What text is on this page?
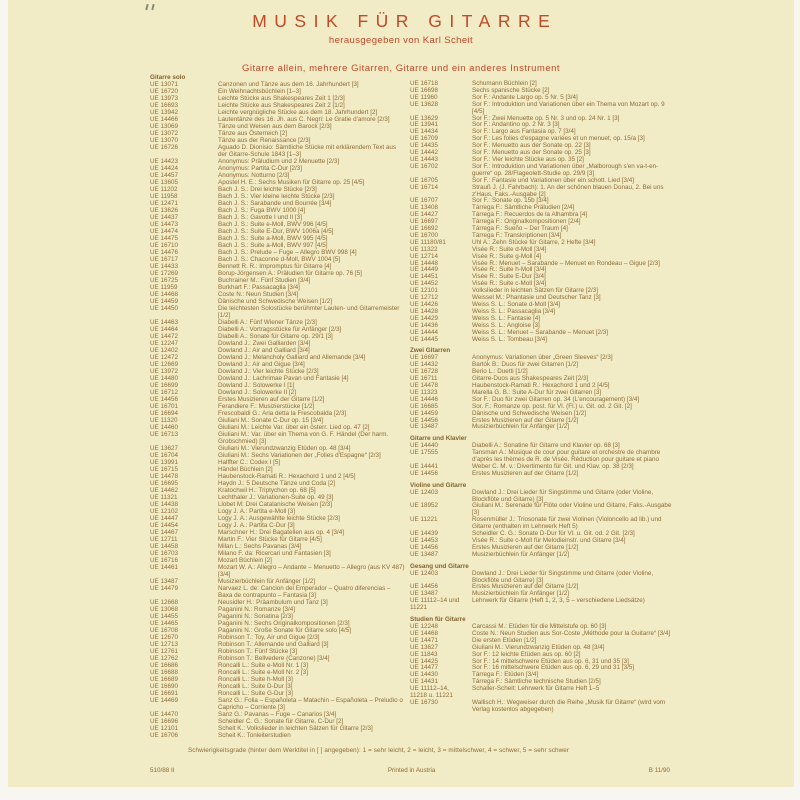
MUSIK FÜR GITARRE
herausgegeben von Karl Scheit
Gitarre allein, mehrere Gitarren, Gitarre und ein anderes Instrument
Gitarre solo
UE 13071	Canzonen und Tänze aus dem 16. Jahrhundert [3]
UE 16720	Ein Weihnachtsbüchlein [1–3]
UE 13973	Leichte Stücke aus Shakespeares Zeit 1 [2/3]
UE 16693	Leichte Stücke aus Shakespeares Zeit 2 [1/2]
UE 13942	Leichte vergnügliche Stücke aus dem 18. Jahrhundert [2]
UE 14466	Lautentänze des 16. Jh. aus C. Negri: Le Gratie d'amore [2/3]
UE 13069	Tänze und Weisen aus dem Barock [2/3]
UE 13072	Tänze aus Österreich [2]
UE 13070	Tänze aus der Renaissance [2/3]
UE 16726	Aguado D. Dionisio: Sämtliche Stücke mit erklärendem Text aus der Gitarre-Schule 1843 [1–3]
UE 14423	Anonymus: Präludium und 2 Menuette [2/3]
UE 14424	Anonymus: Partita C-Dur [2/3]
UE 14457	Anonymus: Notturno [2/3]
UE 13605	Apostel H. E.: Sechs Musiken für Gitarre op. 25 [4/5]
UE 11202	Bach J. S.: Drei leichte Stücke [2/3]
UE 11958	Bach J. S.: Vier kleine leichte Stücke [2/3]
UE 12471	Bach J. S.: Sarabande und Bourrée [3/4]
UE 13626	Bach J. S.: Fuga BWV 1000 [4]
UE 14437	Bach J. S.: Gavotte I und II [3]
UE 14473	Bach J. S.: Suite e-Moll, BWV 996 [4/5]
UE 14474	Bach J. S.: Suite E-Dur, BWV 1006a [4/5]
UE 14475	Bach J. S.: Suite a-Moll, BWV 995 [4/5]
UE 16710	Bach J. S.: Suite a-Moll, BWV 997 [4/5]
UE 14476	Bach J. S.: Prelude – Fuge – Allegro BWV 998 [4]
UE 16717	Bach J. S.: Chaconne d-Moll, BWV 1004 [5]
UE 14433	Bennett R. R.: Impromptus für Gitarre [4]
UE 17269	Borup-Jörgensen A.: Präludien für Gitarre op. 76 [5]
UE 16725	Buchrainer M.: Fünf Studien [3/4]
UE 11959	Burkhart F.: Passacaglia [3/4]
UE 14468	Coste N.: Neun Studien [3/4]
UE 14459	Dänische und Schwedische Weisen [1/2]
UE 14450	Die leichtesten Solostücke berühmter Lauten- und Gitarremeister [1/2]
UE 14463	Diabelli A.: Fünf Wiener Tänze [2/3]
UE 14464	Diabelli A.: Vortragsstücke für Anfänger [2/3]
UE 14472	Diabelli A.: Sonate für Gitarre op. 29/1 [3]
UE 12247	Dowland J.: Zwei Galliarden [3/4]
UE 12402	Dowland J.: Air and Galliard [3/4]
UE 12472	Dowland J.: Melancholy Galliard and Allemande [3/4]
UE 12669	Dowland J.: Air and Gigue [3/4]
UE 13972	Dowland J.: Vier leichte Stücke [2/3]
UE 14480	Dowland J.: Lachrimae Pavan und Fantasie [4]
UE 16699	Dowland J.: Solowerke I [1]
UE 16712	Dowland J.: Solowerke II [2]
UE 14456	Erstes Musizieren auf der Gitarre [1/2]
UE 16701	Ferandiere F.: Musizierstücke [1/2]
UE 16694	Frescobaldi G.: Aria detta la Frescobalda [2/3]
UE 11320	Giuliani M.: Sonate C-Dur op. 15 [3/4]
UE 14460	Giuliani M.: Leichte Var. über ein österr. Lied op. 47 [2]
UE 16713	Giuliani M.: Var. über ein Thema von G. F. Händel (Der harm. Grobschmied) [3]
UE 13627	Giuliani M.: Vierundzwanzig Etüden op. 48 [3/4]
UE 16704	Giuliani M.: Sechs Variationen der „Folies d'Espagne“ [2/3]
UE 13991	Halffter C.: Codex I [5]
UE 16715	Händel Büchlein [2]
UE 14478	Haubenstock-Ramati R.: Hexachord 1 und 2 [4/5]
UE 16695	Haydn J.: 5 Deutsche Tänze und Coda [2]
UE 14462	Kratochwil H.: Triptychon op. 68 [5]
UE 11321	Lechthaler J.: Variationen-Suite op. 49 [3]
UE 14438	Llobet M: Drei Catalanische Weisen [2/3]
UE 12102	Logy J. A.: Partita e-Moll [3]
UE 14447	Logy J. A.: Ausgewählte leichte Stücke [2/3]
UE 14454	Logy J. A.: Partita C-Dur [3]
UE 14467	Marschner H.: Drei Bagatellen aus op. 4 [3/4]
UE 12711	Martin F.: Vier Stücke für Gitarre [4/5]
UE 14458	Milan L.: Sechs Pavanas [3/4]
UE 16703	Milano F. da: Ricercari und Fantasien [3]
UE 16716	Mozart Büchlein [2]
UE 14461	Mozart W. A.: Allegro – Andante – Menuetto – Allegro (aus KV 487) [3/4]
UE 13487	Musizierbüchlein für Anfänger [1/2]
UE 14479	Narvaez L. de: Cancion del Emperador – Quatro diferencias – Baxa de contrapunto – Fantasia [3]
UE 12668	Neusidler H.: Präambulum und Tanz [3]
UE 13068	Paganini N.: Romanze [3/4]
UE 14455	Paganini N.: Sonatina [2/3]
UE 14465	Paganini N.: Sechs Originalkompositionen [2/3]
UE 16708	Paganini N.: Große Sonate für Gitarre solo [4/5]
UE 12670	Robinson T.: Toy, Air und Gigue [2/3]
UE 12713	Robinson T.: Allemande und Galliard [3]
UE 12761	Robinson T.: Fünf Stücke [3]
UE 12762	Robinson T.: Bellvedere (Canzone) [3/4]
UE 16686	Roncalli L.: Suite e-Moll Nr. 1 [3]
UE 16688	Roncalli L.: Suite e-Moll Nr. 2 [3]
UE 16689	Roncalli L.: Suite h-Moll [3]
UE 16690	Roncalli L.: Suite D-Dur [3]
UE 16691	Roncalli L.: Suite G-Dur [3]
UE 14469	Sanz G.: Folia – Españoleta – Matachin – Españoleta – Preludio o Capricho – Corriente [3]
UE 14470	Sanz G.: Pavanas – Fuge – Canarios [3/4]
UE 16696	Scheidler C. G.: Sonate für Gitarre, C-Dur [2]
UE 12101	Scheit K.: Volkslieder in leichten Sätzen für Gitarre [2/3]
UE 16706	Scheit K.: Tonleiterstudien
UE 16718	Schumann Büchlein [2]
UE 16698	Sechs spanische Stücke [2]
UE 11960	Sor F.: Andante Largo op. 5 Nr. 5 [3/4]
UE 13628	Sor F.: Introduktion und Variationen über ein Thema von Mozart op. 9 [4/5]
UE 13629	Sor F.: Zwei Menuette op. 5 Nr. 3 und op. 24 Nr. 1 [3]
UE 13941	Sor F.: Andantino op. 2 Nr. 3 [3]
UE 14434	Sor F.: Largo aus Fantasia op. 7 [3/4]
UE 16709	Sor F.: Les folies d'espagne variées et un menuet, op. 15/a [3]
UE 14435	Sor F.: Menuetto aus der Sonate op. 22 [3]
UE 14442	Sor F.: Menuetto aus der Sonate op. 25 [3]
UE 14443	Sor F.: Vier leichte Stücke aus op. 35 [2]
UE 16702	Sor F.: Introduktion und Variationen über „Malborough s'en va-t-en-guerre“ op. 28/Flageolett-Studie op. 29/9 [3]
UE 16705	Sor F.: Fantasie und Variationen über ein schott. Lied [3/4]
UE 16714	Strauß J. (J. Fahrbach): 1. An der schönen blauen Donau, 2. Bei uns z'Haus, Faks.-Ausgabe [2]
UE 16707	Sor F.: Sonate op. 15b [3/4]
UE 13408	Tárrega F.: Sämtliche Präludien [2/4]
UE 14427	Tárrega F.: Recuerdos de la Alhambra [4]
UE 16697	Tárrega F.: Originalkompositionen [2/4]
UE 16692	Tárrega F.: Sueño – Der Traum [4]
UE 16700	Tárrega F.: Transkriptionen [3/4]
UE 11180/81	Uhl A.: Zehn Stücke für Gitarre, 2 Hefte [3/4]
UE 11322	Visée R.: Suite d-Moll [3/4]
UE 12714	Visée R.: Suite g-Moll [4]
UE 14448	Visée R.: Menuet – Sarabande – Menuet en Rondeau – Gigue [2/3]
UE 14449	Visée R.: Suite h-Moll [3/4]
UE 14451	Visée R.: Suite E-Dur [3/4]
UE 14452	Visée R.: Suite c-Moll [3/4]
UE 12101	Volkslieder in leichten Sätzen für Gitarre [2/3]
UE 12712	Weissel M.: Phantasie und Deutscher Tanz [3]
UE 14426	Weiss S. L.: Sonate d-Moll [3/4]
UE 14428	Weiss S. L.: Passacaglia [3/4]
UE 14429	Weiss S. L.: Fantasie [4]
UE 14436	Weiss S. L.: Angloise [3]
UE 14444	Weiss S. L.: Menuet – Sarabande – Menuet [2/3]
UE 14445	Weiss S. L.: Tombeau [3/4]
Zwei Gitarren
UE 16697	Anonymus: Variationen über „Green Sleeves“ [2/3]
UE 14432	Bartók B.: Duos für zwei Gitarren [1/2]
UE 16728	Berio L.: Duetti [1/2]
UE 16711	Gitarre-Duos aus Shakespeares Zeit [2/3]
UE 14478	Haubenstock-Ramati R.: Hexachord 1 und 2 [4/5]
UE 11323	Marella G. B.: Suite A-Dur für zwei Gitarren [3]
UE 14446	Sor F.: Duo für zwei Gitarren op. 34 (L'encouragement) [3/4]
UE 16685	Sor. F.: Romanze op. post. für Vl. (Fl.) u. Git. od. 2 Git. [2]
UE 14459	Dänische und Schwedische Weisen [1/2]
UE 14456	Erstes Musizieren auf der Gitarre [1/2]
UE 13487	Musizierbüchlein für Anfänger [1/2]
Gitarre und Klavier
UE 14440	Diabelli A.: Sonatine für Gitarre und Klavier op. 68 [3]
UE 17555	Tansman A.: Musique de cour pour guitare et orchestre de chambre d'après les thèmes de R. de Visée. Réduction pour guitare et piano
UE 14441	Weber C. M. v.: Divertimento für Git. und Klav. op. 38 [2/3]
UE 14456	Erstes Musizieren auf der Gitarre [1/2]
Violine und Gitarre
UE 12403	Dowland J.: Drei Lieder für Singstimme und Gitarre (oder Violine, Blockflöte und Gitarre) [3]
UE 18952	Giuliani M.: Serenade für Flöte oder Violine und Gitarre, Faks.-Ausgabe [3]
UE 11221	Rosenmüller J.: Triosonate für zwei Violinen (Violoncello ad lib.) und Gitarre (enthalten im Lehrwerk Heft 5)
UE 14439	Scheidler C. G.: Sonate D-Dur für Vl. u. Git. od. 2 Git. [2/3]
UE 14453	Visée R.: Suite c-Moll für Melodieinstr. und Gitarre [3/4]
UE 14456	Erstes Musizieren auf der Gitarre [1/2]
UE 13487	Musizierbüchlein für Anfänger [1/2]
Gesang und Gitarre
UE 12403	Dowland J.: Drei Lieder für Singstimme und Gitarre (oder Violine, Blockflöte und Gitarre) [3]
UE 14456	Erstes Musizieren auf der Gitarre [1/2]
UE 13487	Musizierbüchlein für Anfänger [1/2]
UE 11112–14 und 11221
Lehrwerk für Gitarre (Heft 1, 2, 3, 5 – verschiedene Liedsätze)
Studien für Gitarre
UE 12248	Carcassi M.: Etüden für die Mittelstufe op. 60 [3]
UE 14468	Coste N.: Neun Studien aus Sor-Coste „Méthode pour la Guitarre“ [3/4]
UE 14471	Die ersten Etüden [1/2]
UE 13627	Giuliani M.: Vierundzwanzig Etüden op. 48 [3/4]
UE 11843	Sor F.: 12 leichte Etüden aus op. 60 [2]
UE 14425	Sor F.: 14 mittelschwere Etüden aus op. 6, 31 und 35 [3]
UE 14477	Sor F.: 16 mittelschwere Etüden aus op. 6, 29 und 31 [3/5]
UE 14430	Tárrega F.: Etüden [3/4]
UE 14431	Tárrega F.: Sämtliche technische Studien [2/5]
UE 11112–14, 11218 u. 11221
Schaller-Scheit: Lehrwerk für Gitarre Heft 1–5
UE 16730	Wallisch H.: Wegweiser durch die Reihe „Musik für Gitarre“ (wird vom Verlag kostenlos abgegeben)
Schwierigkeitsgrade (hinter dem Werktitel in [ ] angegeben): 1 = sehr leicht, 2 = leicht, 3 = mittelschwer, 4 = schwer, 5 = sehr schwer
510/88 II	Printed in Austria	B 11/90
